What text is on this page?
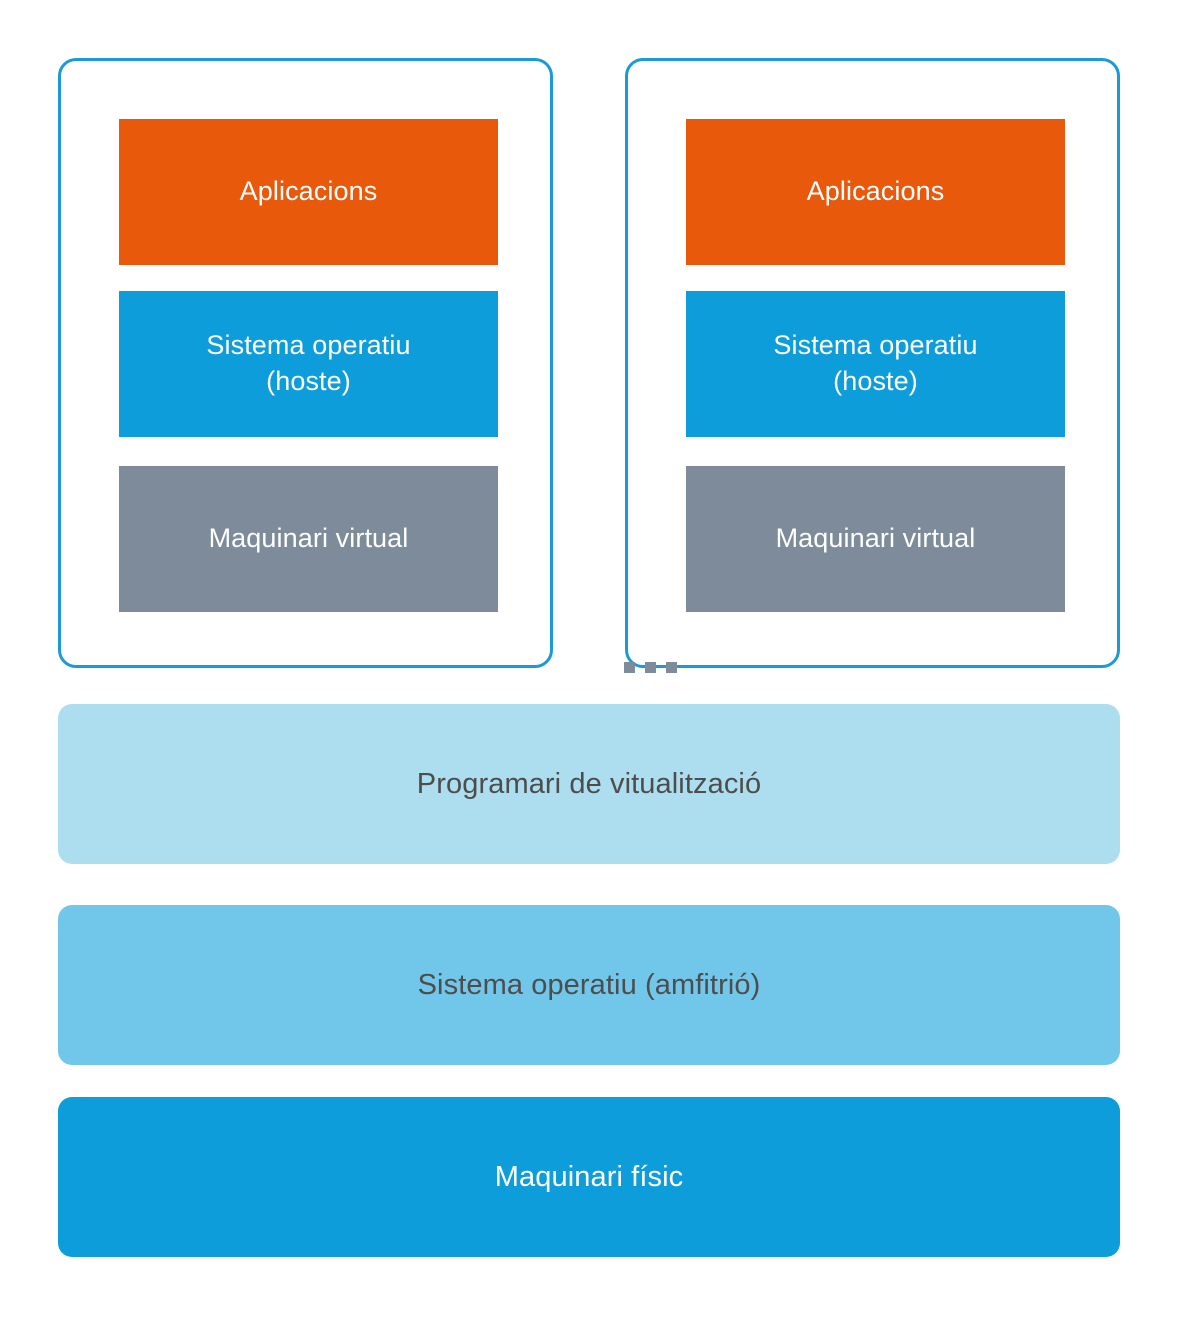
Aplicacions
Sistema operatiu
(hoste)
Maquinari virtual
Aplicacions
Sistema operatiu
(hoste)
Maquinari virtual
Programari de vitualització
Sistema operatiu (amfitrió)
Maquinari físic
